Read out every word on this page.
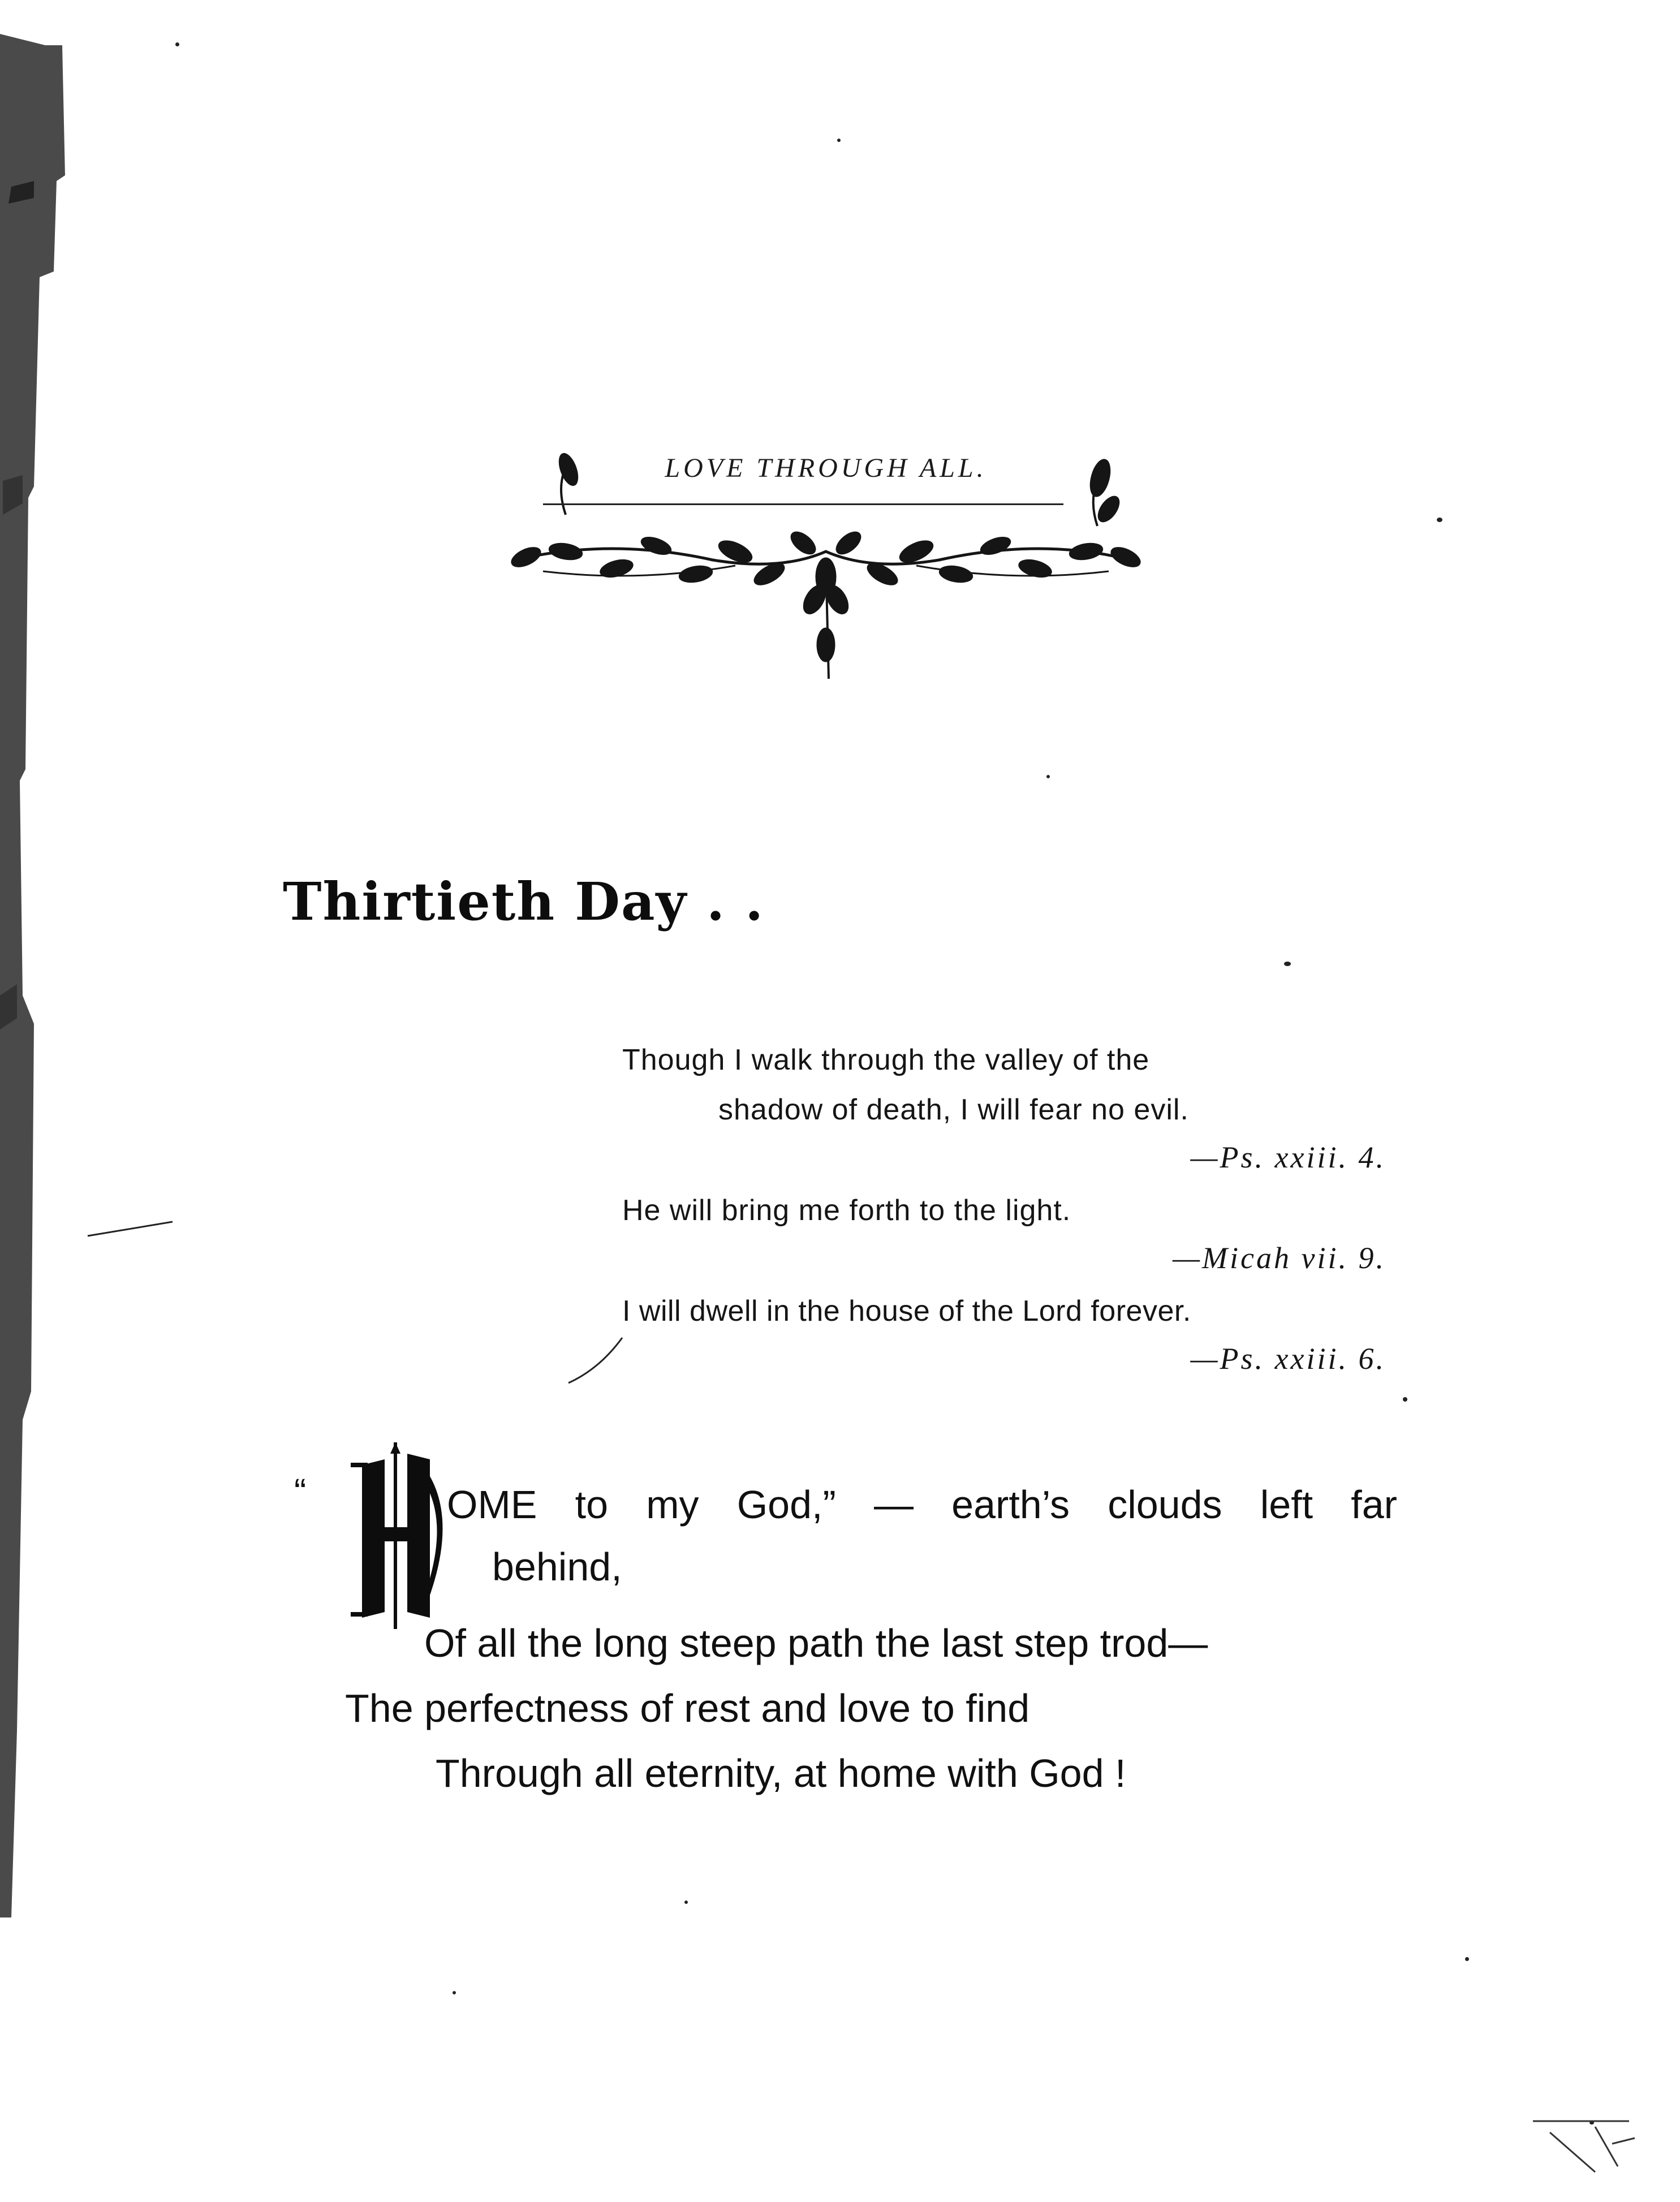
LOVE THROUGH ALL.
Thirtieth Day . .
Though I walk through the valley of the
shadow of death, I will fear no evil.
—Ps. xxiii. 4.
He will bring me forth to the light.
—Micah vii. 9.
I will dwell in the house of the Lord forever.
—Ps. xxiii. 6.
“	OME to my God,” — earth’s clouds left far
behind,
Of all the long steep path the last step trod—
The perfectness of rest and love to find
Through all eternity, at home with God !
